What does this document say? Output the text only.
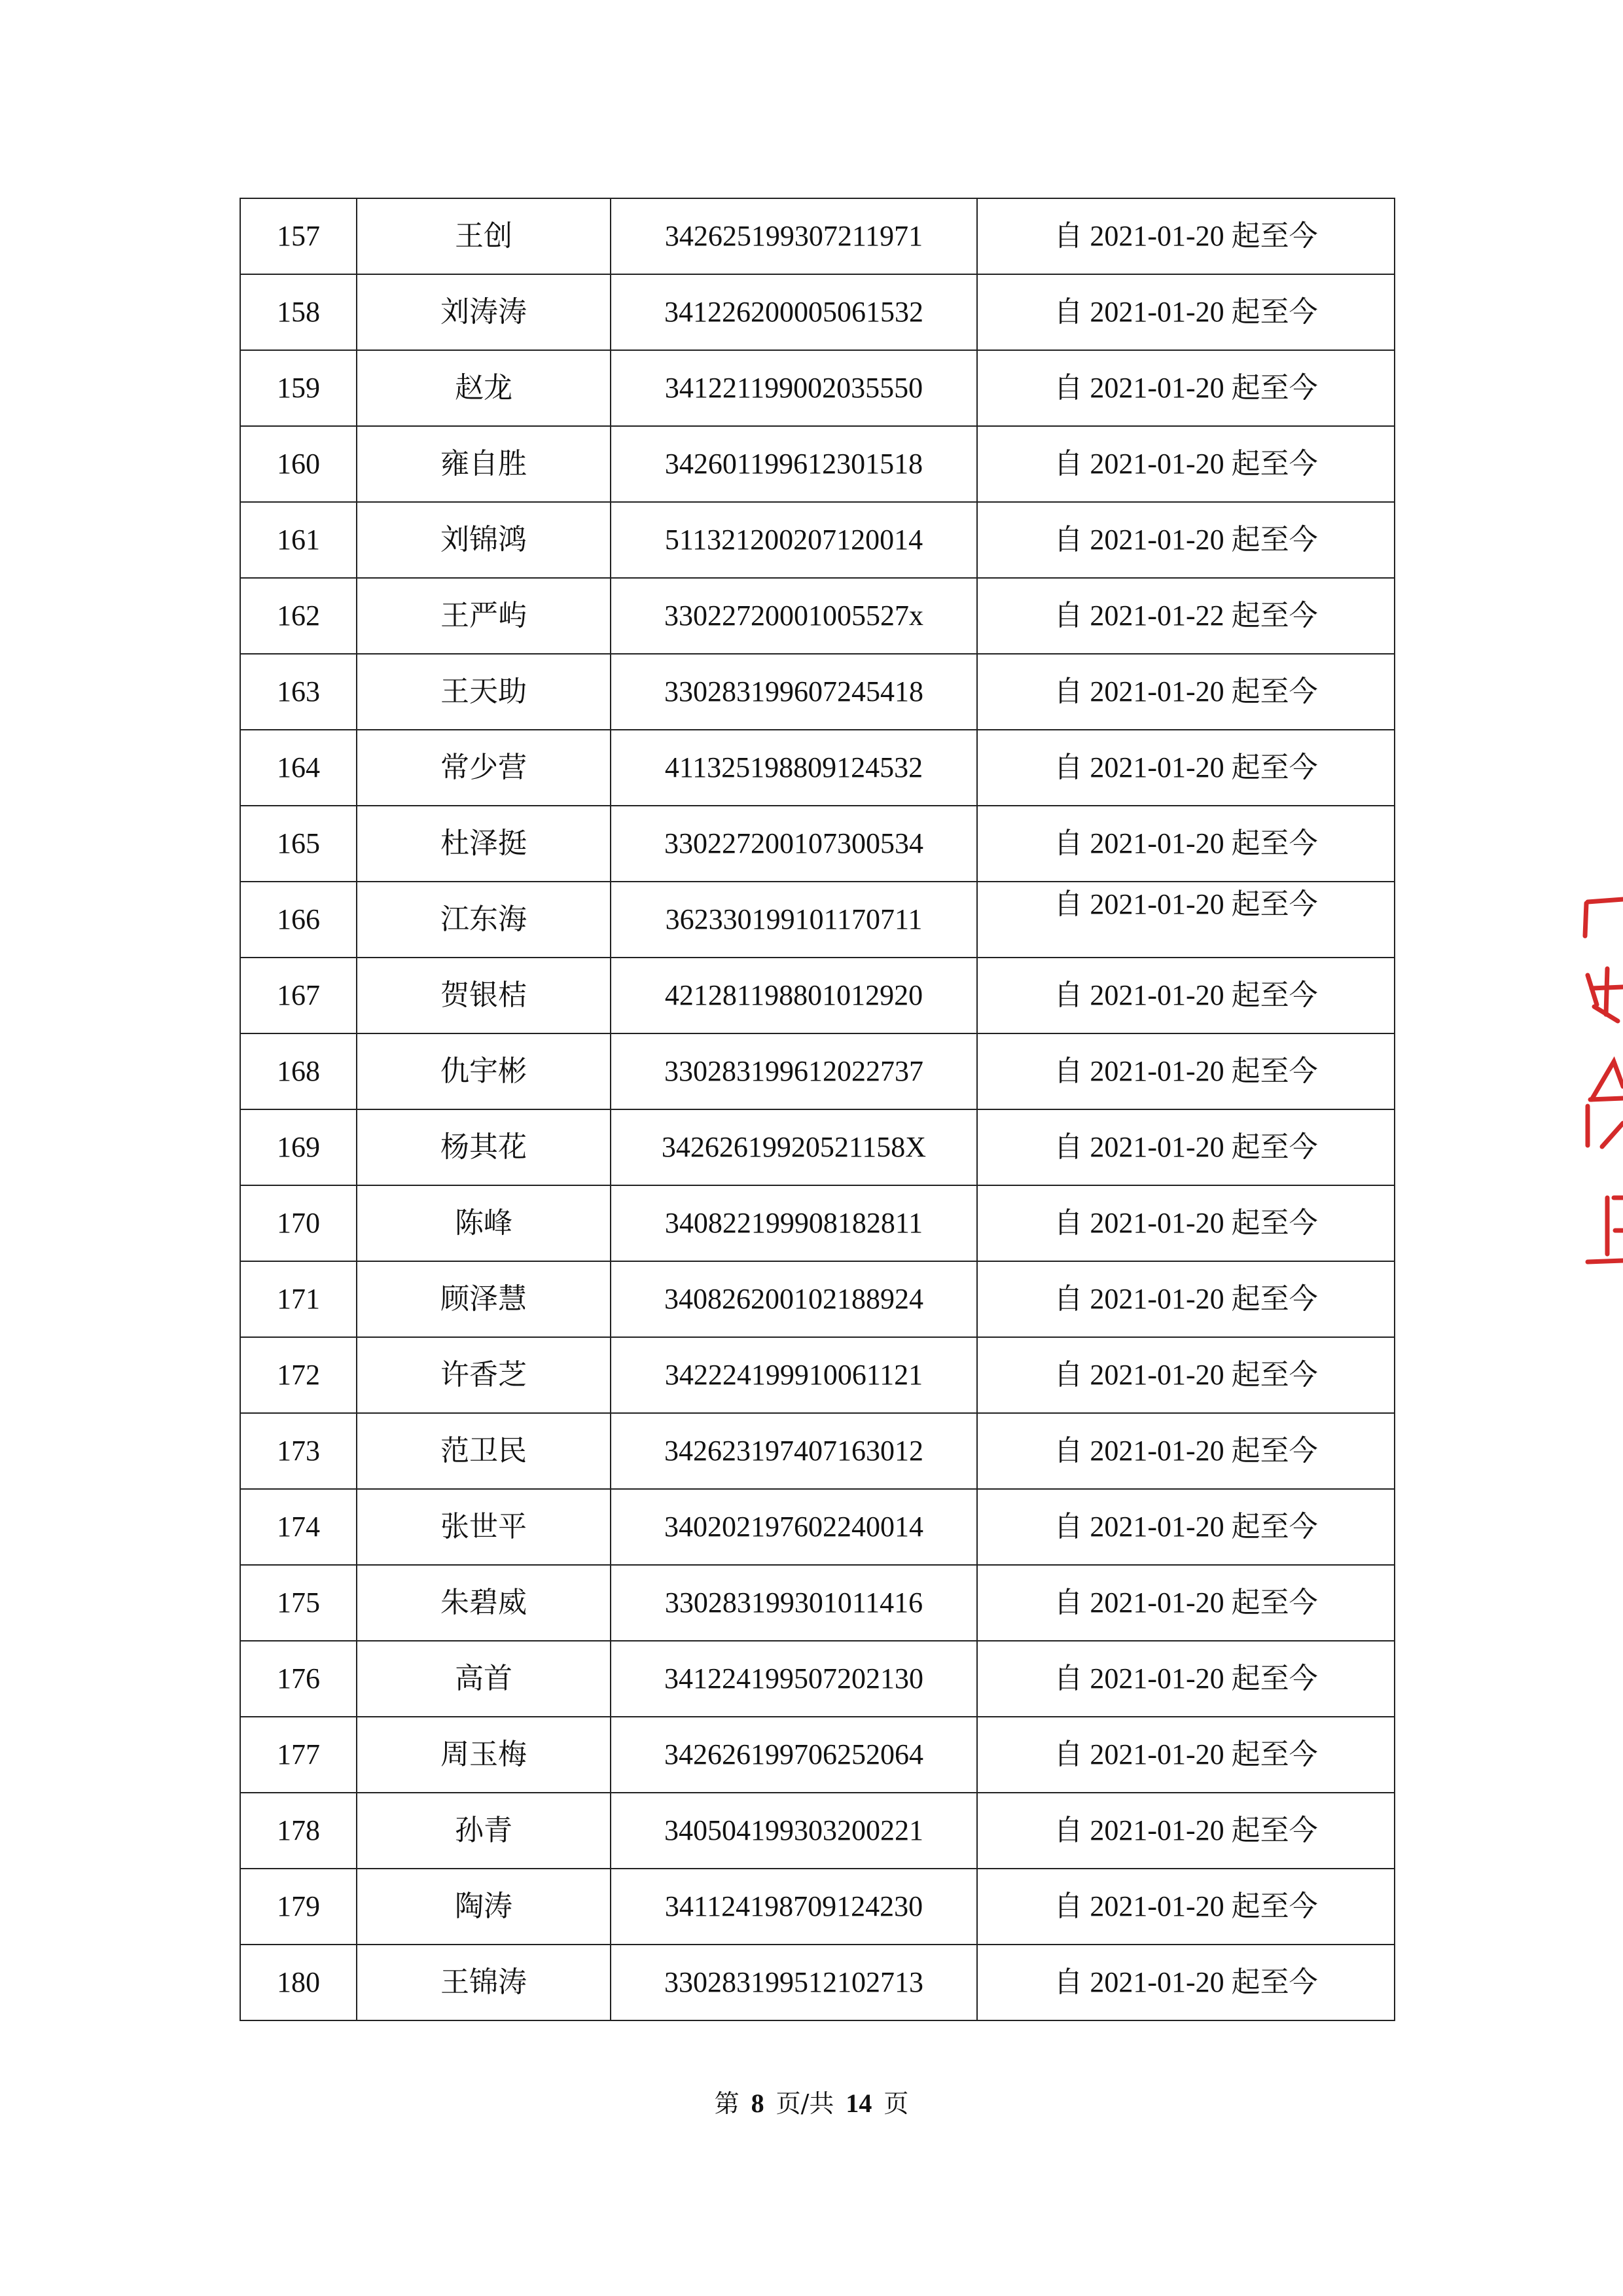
157	王创	342625199307211971	自 2021-01-20 起至今
158	刘涛涛	341226200005061532	自 2021-01-20 起至今
159	赵龙	341221199002035550	自 2021-01-20 起至今
160	雍自胜	342601199612301518	自 2021-01-20 起至今
161	刘锦鸿	511321200207120014	自 2021-01-20 起至今
162	王严屿	33022720001005527x	自 2021-01-22 起至今
163	王天助	330283199607245418	自 2021-01-20 起至今
164	常少营	411325198809124532	自 2021-01-20 起至今
165	杜泽挺	330227200107300534	自 2021-01-20 起至今
166	江东海	362330199101170711	自 2021-01-20 起至今

167	贺银桔	421281198801012920	自 2021-01-20 起至今
168	仇宇彬	330283199612022737	自 2021-01-20 起至今
169	杨其花	34262619920521158X	自 2021-01-20 起至今
170	陈峰	340822199908182811	自 2021-01-20 起至今
171	顾泽慧	340826200102188924	自 2021-01-20 起至今
172	许香芝	342224199910061121	自 2021-01-20 起至今
173	范卫民	342623197407163012	自 2021-01-20 起至今
174	张世平	340202197602240014	自 2021-01-20 起至今
175	朱碧威	330283199301011416	自 2021-01-20 起至今
176	高首	341224199507202130	自 2021-01-20 起至今
177	周玉梅	342626199706252064	自 2021-01-20 起至今
178	孙青	340504199303200221	自 2021-01-20 起至今
179	陶涛	341124198709124230	自 2021-01-20 起至今
180	王锦涛	330283199512102713	自 2021-01-20 起至今
第 8 页/共 14 页
